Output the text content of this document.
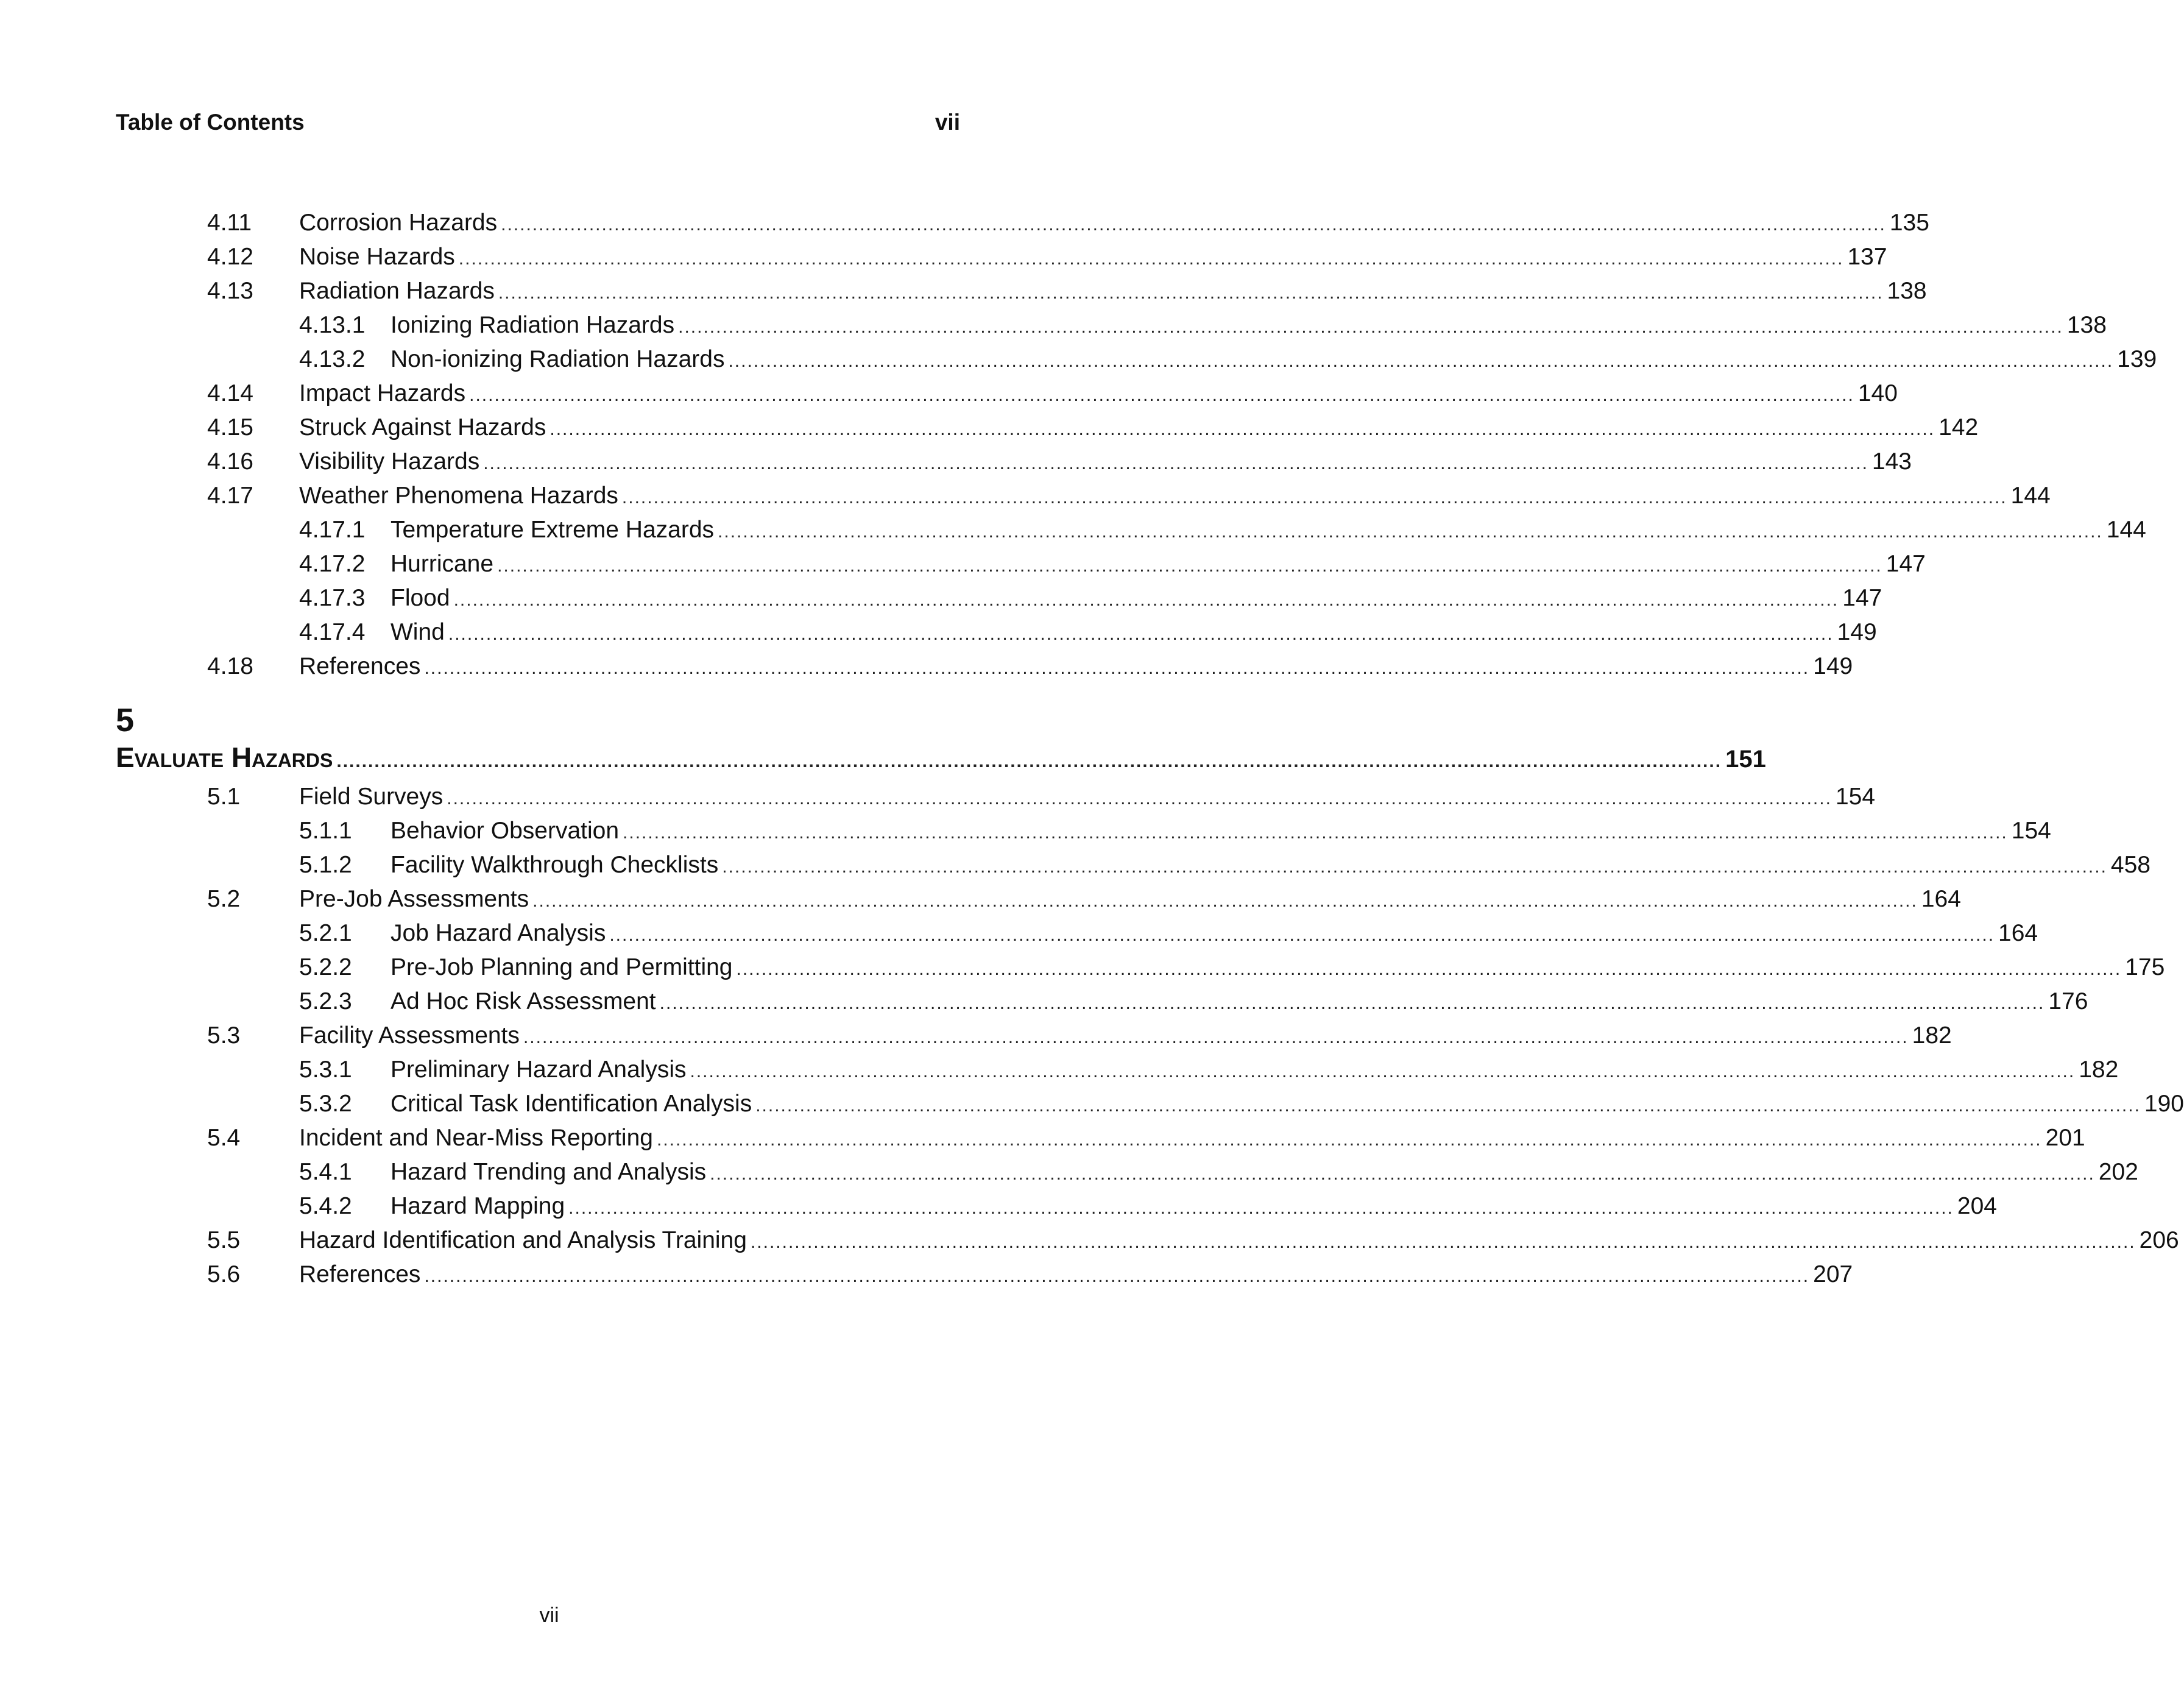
Table of Contents	vii
4.11 Corrosion Hazards ............................................................................................................................................................................................................................ 135
4.12 Noise Hazards ............................................................................................................................................................................................................................ 137
4.13 Radiation Hazards ............................................................................................................................................................................................................................ 138
4.13.1 Ionizing Radiation Hazards ............................................................................................................................................................................................................................ 138
4.13.2 Non-ionizing Radiation Hazards ............................................................................................................................................................................................................................ 139
4.14 Impact Hazards ............................................................................................................................................................................................................................ 140
4.15 Struck Against Hazards ............................................................................................................................................................................................................................ 142
4.16 Visibility Hazards ............................................................................................................................................................................................................................ 143
4.17 Weather Phenomena Hazards ............................................................................................................................................................................................................................ 144
4.17.1 Temperature Extreme Hazards ............................................................................................................................................................................................................................ 144
4.17.2 Hurricane ............................................................................................................................................................................................................................ 147
4.17.3 Flood ............................................................................................................................................................................................................................ 147
4.17.4 Wind ............................................................................................................................................................................................................................ 149
4.18 References ............................................................................................................................................................................................................................ 149
5
Evaluate Hazards ............................................................................................................................................................................................................................ 151
5.1 Field Surveys ............................................................................................................................................................................................................................ 154
5.1.1 Behavior Observation ............................................................................................................................................................................................................................ 154
5.1.2 Facility Walkthrough Checklists ............................................................................................................................................................................................................................ 458
5.2 Pre-Job Assessments ............................................................................................................................................................................................................................ 164
5.2.1 Job Hazard Analysis ............................................................................................................................................................................................................................ 164
5.2.2 Pre-Job Planning and Permitting ............................................................................................................................................................................................................................ 175
5.2.3 Ad Hoc Risk Assessment ............................................................................................................................................................................................................................ 176
5.3 Facility Assessments ............................................................................................................................................................................................................................ 182
5.3.1 Preliminary Hazard Analysis ............................................................................................................................................................................................................................ 182
5.3.2 Critical Task Identification Analysis ............................................................................................................................................................................................................................ 190
5.4 Incident and Near-Miss Reporting ............................................................................................................................................................................................................................ 201
5.4.1 Hazard Trending and Analysis ............................................................................................................................................................................................................................ 202
5.4.2 Hazard Mapping ............................................................................................................................................................................................................................ 204
5.5 Hazard Identification and Analysis Training ............................................................................................................................................................................................................................ 206
5.6 References ............................................................................................................................................................................................................................ 207
vii
